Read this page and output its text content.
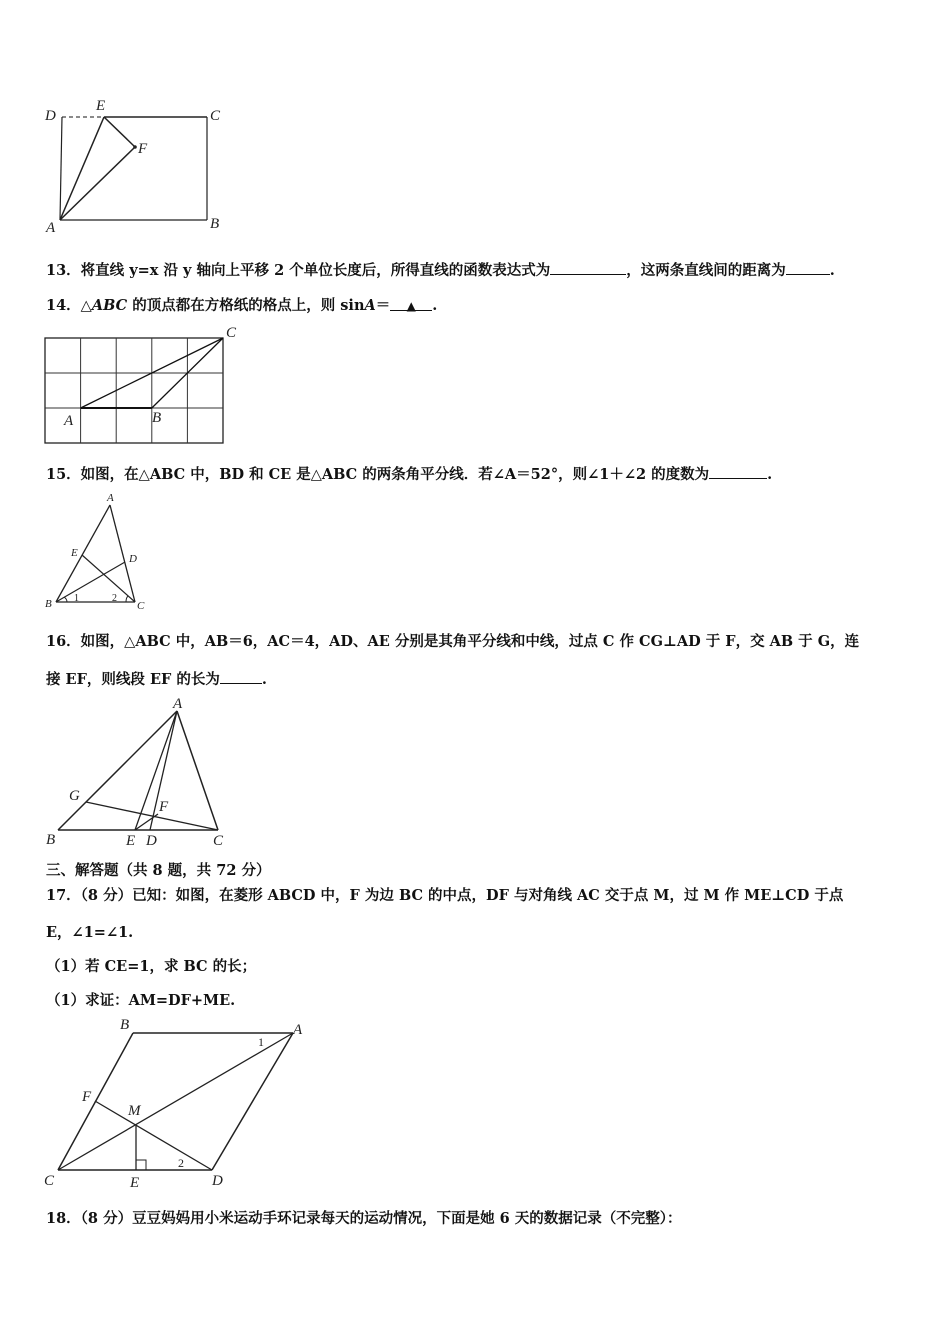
D
E
C
F
A	B
13．将直线 y=x 沿 y 轴向上平移 2 个单位长度后，所得直线的函数表达式为	，这两条直线间的距离为	.
14．△ABC 的顶点都在方格纸的格点上，则 sinA＝ ▲ .
C
A	B
15．如图，在△ABC 中，BD 和 CE 是△ABC 的两条角平分线．若∠A＝52°，则∠1＋∠2 的度数为	.
A
E	D
B 1	2
C
16．如图，△ABC 中，AB＝6，AC＝4，AD、AE 分别是其角平分线和中线，过点 C 作 CG⊥AD 于 F，交 AB 于 G，连
接 EF，则线段 EF 的长为	.
A
G
F
B	E D	C
三、解答题（共 8 题，共 72 分）
17．（8 分）已知：如图，在菱形 ABCD 中，F 为边 BC 的中点，DF 与对角线 AC 交于点 M，过 M 作 ME⊥CD 于点
E，∠1=∠1.
（1）若 CE=1，求 BC 的长；
（1）求证：AM=DF+ME.
B	A
1
F
M
C	E
2
D
18．（8 分）豆豆妈妈用小米运动手环记录每天的运动情况，下面是她 6 天的数据记录（不完整）：
